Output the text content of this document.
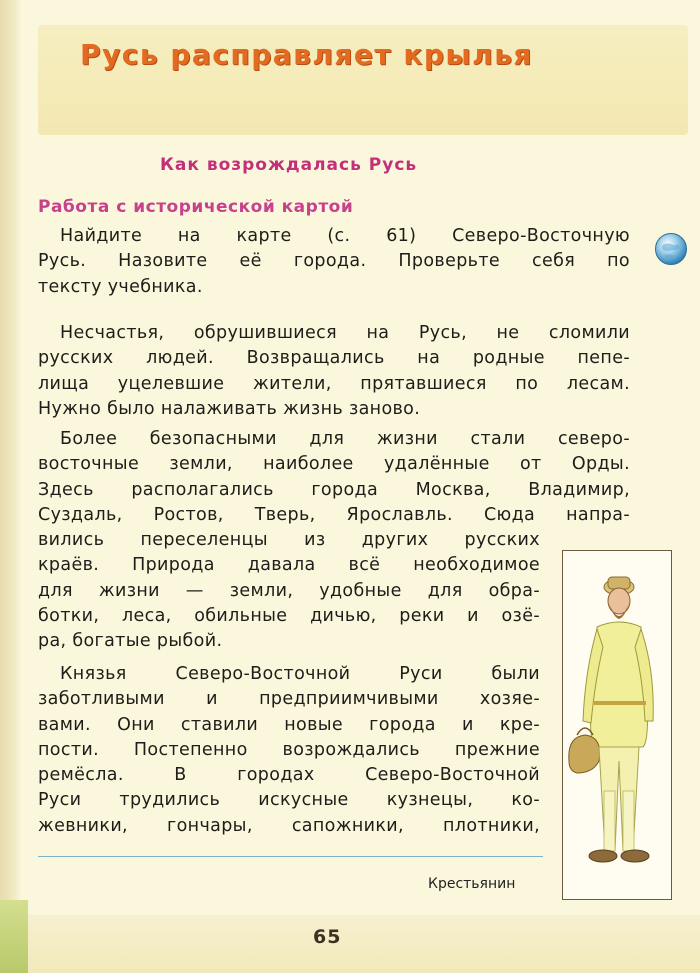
Русь расправляет крылья
Как возрождалась Русь
Работа с исторической картой
Найдите на карте (с. 61) Северо-Восточную
Русь. Назовите её города. Проверьте себя по
текcту учебника.
Несчастья, обрушившиеся на Русь, не сломили
русских людей. Возвращались на родные пепе-
лища уцелевшие жители, прятавшиеся по лесам.
Нужно было налаживать жизнь заново.
Более безопасными для жизни стали северо-
восточные земли, наиболее удалённые от Орды.
Здесь располагались города Москва, Владимир,
Суздаль, Ростов, Тверь, Ярославль. Сюда напра-
вились переселенцы из других русских
краёв. Природа давала всё необходимое
для жизни — земли, удобные для обра-
ботки, леса, обильные дичью, реки и озё-
ра, богатые рыбой.
Князья Северо-Восточной Руси были
заботливыми и предприимчивыми хозяе-
вами. Они ставили новые города и кре-
пости. Постепенно возрождались прежние
ремёсла. В городах Северо-Восточной
Руси трудились искусные кузнецы, ко-
жевники, гончары, сапожники, плотники,
Крестьянин
65
